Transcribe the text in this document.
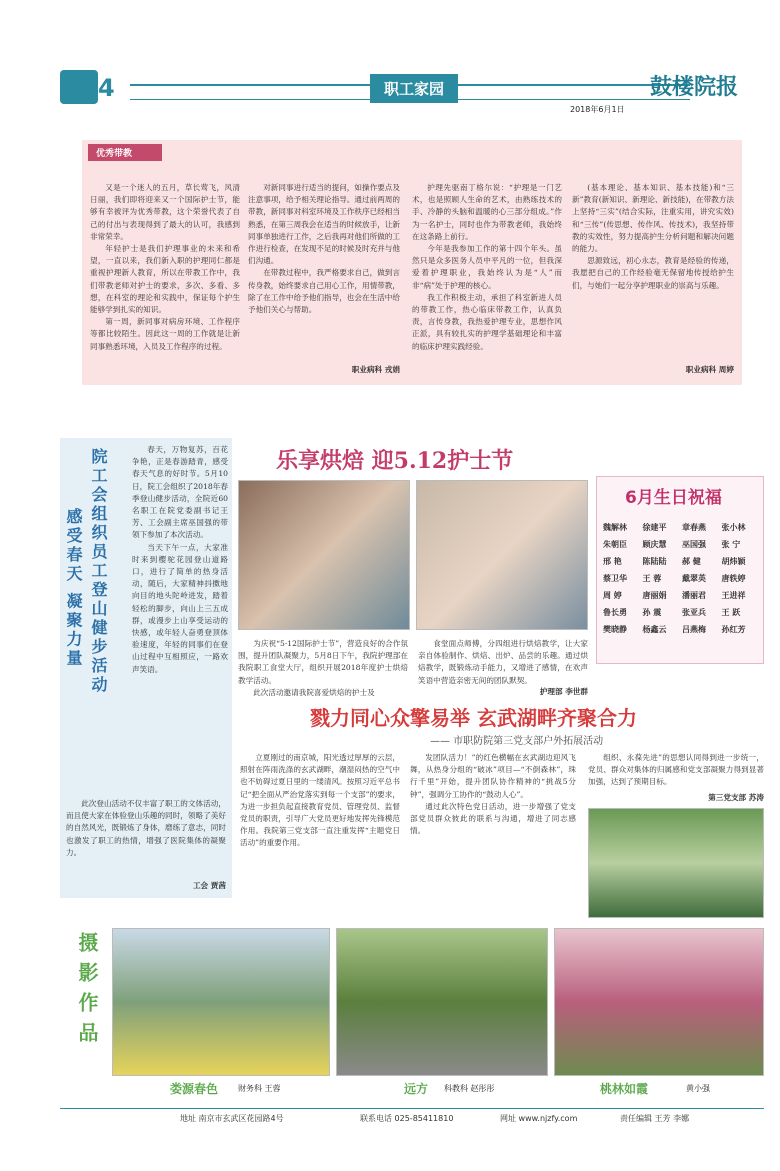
4	职工家园	鼓楼院报
2018年6月1日
优秀带教

又是一个迷人的五月，草长莺飞，风清日丽，我们即将迎来又一个国际护士节，能够有幸被评为优秀带教，这个荣誉代表了自己的付出与表现得到了最大的认可，我感到非常荣幸。

年轻护士是我们护理事业的未来和希望，一直以来，我们新入职的护理同仁都是重视护理新人教育，所以在带教工作中，我们带教老师对护士的要求，多次、多看、多想，在科室的理论和实践中，保证每个护生能够学到扎实的知识。

第一周，新同事对病房环境、工作程序等都比较陌生。因此这一周的工作就是让新同事熟悉环境，入员及工作程序的过程。

对新同事进行适当的提问，如操作要点及注意事项，给予相关理论指导。通过前两周的带教，新同事对科室环境及工作秩序已经相当熟悉，在第三周我会在适当的时候放手，让新同事单独进行工作，之后我再对他们所做的工作进行检查，在发现不足的时候及时充并与他们沟通。

在带教过程中，我严格要求自己，做到言传身教，始终要求自己用心工作，用情带教，除了在工作中给予他们指导，也会在生活中给予他们关心与帮助。

职业病科 戎娟

护理先驱南丁格尔说：“护理是一门艺术，也是照顾人生命的艺术，由熟练技术的手、冷静的头脑和温暖的心三部分组成。”作为一名护士，同时也作为带教老师，我始终在这条路上前行。

今年是我参加工作的第十四个年头。虽然只是众多医务人员中平凡的一位，但我深爱着护理职业，我始终认为是“人”而非“病”处于护理的核心。

我工作积极主动，承担了科室新进人员的带教工作，热心临床带教工作，认真负责，言传身教，我热爱护理专业，思想作风正派，具有较扎实的护理学基础理论和丰富的临床护理实践经验。

(基本理论、基本知识、基本技能)和“三新”教育(新知识、新理论、新技能)，在带教方法上坚持“三实”(结合实际，注重实用，讲究实效)和“三传”(传思想、传作风、传技术)，我坚持带教的实效性，努力提高护生分析问题和解决问题的能力。

思源致远，初心永志，教育是经验的传递，我愿把自己的工作经验毫无保留地传授给护生们，与她们一起分享护理职业的崇高与乐趣。

职业病科 周婷
院工会组织员工登山健步活动
感受春天 凝聚力量

春天，万物复苏，百花争艳，正是春游踏青，感受春天气息的好时节。5月10日，院工会组织了2018年春季登山健步活动，全院近60名职工在院党委副书记王芳、工会副主席巫国强的带领下参加了本次活动。

当天下午一点，大家准时来到樱驼花园登山道路口，进行了简单的热身活动，随后，大家精神抖擞地向目的地头陀岭进发，踏着轻松的脚步，向山上三五成群，或漫步上山享受运动的快感，或年轻人奋勇登顶体验速度，年轻的同事们在登山过程中互相照应，一路欢声笑语。

此次登山活动不仅丰富了职工的文体活动，而且使大家在体验登山乐趣的同时，领略了美好的自然风光，既锻炼了身体，磨练了意志，同时也激发了职工的热情，增强了医院集体的凝聚力。

工会 贾茜
乐享烘焙 迎5.12护士节

为庆祝“5·12国际护士节”，营造良好的合作氛围，提升团队凝聚力，5月8日下午，我院护理部在我院职工食堂大厅，组织开展2018年度护士烘焙教学活动。

此次活动邀请我院喜爱烘焙的护士及

食堂面点师傅，分四组进行烘焙教学，让大家亲自体验制作、烘焙、出炉、品尝的乐趣。通过烘焙教学，既锻炼动手能力，又增进了感情，在欢声笑语中营造亲密无间的团队默契。

护理部 李世群
6月生日祝福
魏解林	徐建平	章春燕	张小林
朱朝臣	顾庆慧	巫国强	张 宁
邢 艳	陈陆陆	郝 健	胡炜颖
蔡卫华	王 蓉	戴翠英	唐轶婷
周 婷	唐丽娟	潘丽君	王进祥
鲁长勇	孙 震	张亚兵	王 跃
樊晓静	杨鑫云	吕燕梅	孙红芳
戮力同心众擎易举 玄武湖畔齐聚合力
—— 市职防院第三党支部户外拓展活动

立夏刚过的南京城，阳光透过厚厚的云层，照射在阵雨洗涤的玄武湖畔，潮湿闷热的空气中也不妨碍过夏日里的一缕清风。按照习近平总书记“把全面从严治党落实到每一个支部”的要求，为进一步担负起直接教育党员、管理党员、监督党员的职责，引导广大党员更好地发挥先锋模范作用。我院第三党支部一直注重发挥“主题党日活动”的重要作用。

发团队活力！”的红色横幅在玄武湖边迎风飞舞，从热身分组的“破冰”项目—“不倒森林”，珠行千里”开始，提升团队协作精神的“挑战5分钟”，强调分工协作的“鼓动人心”。

通过此次特色党日活动，进一步增强了党支部党员群众彼此的联系与沟通，增进了同志感情。

组织、永葆先进”的思想认同得到进一步统一，党员、群众对集体的归属感和党支部凝聚力得到显著加强，达到了预期目标。

第三党支部 苏涛
摄影作品
娄源春色 财务科 王蓉	远方 科教科 赵彤彤	桃林如霞	黄小强
地址 南京市玄武区花园路4号	联系电话 025-85411810	网址 www.njzfy.com	责任编辑 王芳 李娜
